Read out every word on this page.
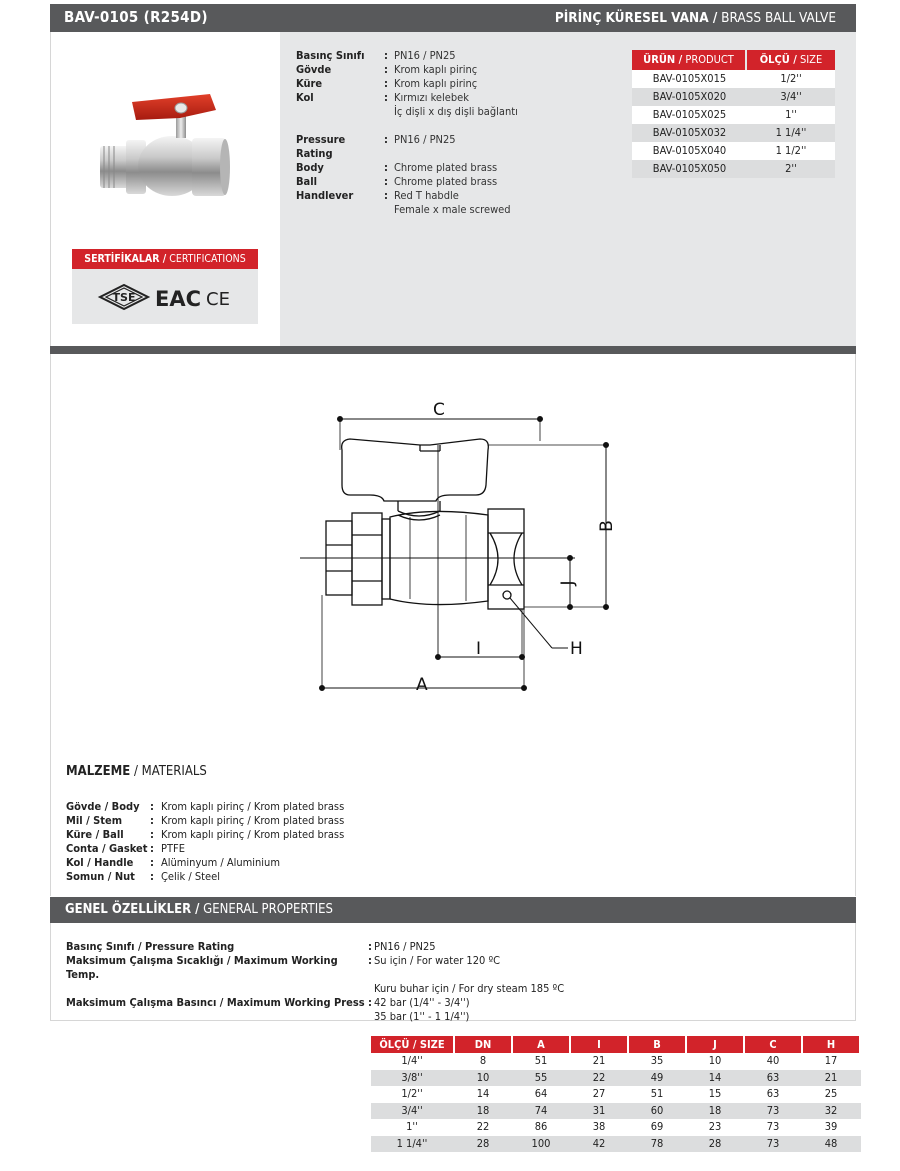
BAV-0105 (R254D)	PİRİNÇ KÜRESEL VANA / BRASS BALL VALVE
SERTİFİKALAR / CERTIFICATIONS
TSE EAC CE
Basınç Sınıfı	: PN16 / PN25
Gövde	: Krom kaplı pirinç
Küre	: Krom kaplı pirinç
Kol	: Kırmızı kelebek
İç dişli x dış dişli bağlantı
Pressure Rating
: PN16 / PN25
Body	: Chrome plated brass
Ball	: Chrome plated brass
Handlever	: Red T habdle
Female x male screwed
ÜRÜN / PRODUCT	ÖLÇÜ / SIZE
BAV-0105X015	1/2''
BAV-0105X020	3/4''
BAV-0105X025	1''
BAV-0105X032	1 1/4''
BAV-0105X040	1 1/2''
BAV-0105X050	2''
C
B
J
I	H
A
MALZEME / MATERIALS
Gövde / Body : Krom kaplı pirinç / Krom plated brass
Mil / Stem	: Krom kaplı pirinç / Krom plated brass
Küre / Ball	: Krom kaplı pirinç / Krom plated brass
Conta / Gasket : PTFE
Kol / Handle	: Alüminyum / Aluminium
Somun / Nut	: Çelik / Steel
GENEL ÖZELLİKLER / GENERAL PROPERTIES
Basınç Sınıfı / Pressure Rating	: PN16 / PN25
Maksimum Çalışma Sıcaklığı / Maximum Working Temp.
: Su için / For water 120 ºC
Kuru buhar için / For dry steam 185 ºC
Maksimum Çalışma Basıncı / Maximum Working Press : 42 bar (1/4'' - 3/4'')
35 bar (1'' - 1 1/4'')
ÖLÇÜ / SIZE	DN	A	I	B	J	C	H
1/4''	8	51	21	35	10	40	17
3/8''	10	55	22	49	14	63	21
1/2''	14	64	27	51	15	63	25
3/4''	18	74	31	60	18	73	32
1''	22	86	38	69	23	73	39
1 1/4''	28	100	42	78	28	73	48
